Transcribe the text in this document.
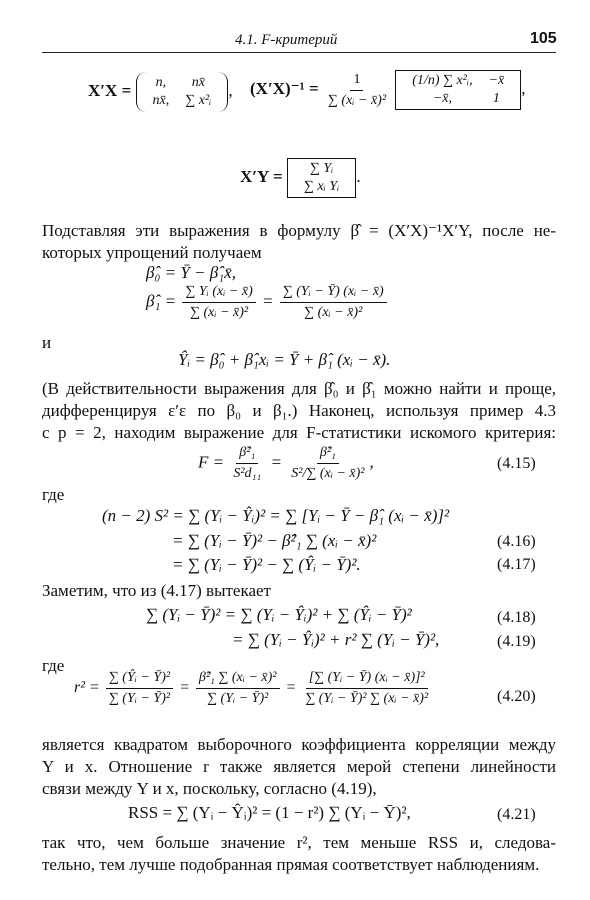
4.1. F-критерий	105
X′X = n,	nx̄
nx̄,	∑ x²ᵢ
, $(X'X)^{-1} = \frac{1}{\text{∑ (xᵢ − x̄)²}}$
(1/n) ∑ x²ᵢ,	−x̄
−x̄,	1
,
X′Y = ∑ Yᵢ
∑ xᵢ Yᵢ
.
Подставляя эти выражения в формулу β̂ = (X′X)⁻¹X′Y, после не-
которых упрощений получаем
β̂₀ = Ȳ − β̂₁x̄,
β̂₁ = $\frac{\text{∑ Yᵢ (xᵢ − x̄)}}{\text{∑ (xᵢ − x̄)²}} = \frac{\text{∑ (Yᵢ − Ȳ) (xᵢ − x̄)}}{\text{∑ (xᵢ − x̄)²}}$
и
Ŷᵢ = β̂₀ + β̂₁xᵢ = Ȳ + β̂₁ (xᵢ − x̄).
(В действительности выражения для β̂₀ и β̂₁ можно найти и проще,
дифференцируя ε′ε по β₀ и β₁.) Наконец, используя пример 4.3
с p = 2, находим выражение для F-статистики искомого критерия:
$F = \frac{\text{β̂²₁}}{\text{S²d₁₁}} = \frac{\text{β̂²₁}}{\text{S²/∑ (xᵢ − x̄)²}}$ ,	(4.15)
где
(n − 2) S² = ∑ (Yᵢ − Ŷᵢ)² = ∑ [Yᵢ − Ȳ − β̂₁ (xᵢ − x̄)]²
= ∑ (Yᵢ − Ȳ)² − β̂²₁ ∑ (xᵢ − x̄)²	(4.16)
= ∑ (Yᵢ − Ȳ)² − ∑ (Ŷᵢ − Ȳ)².	(4.17)
Заметим, что из (4.17) вытекает
∑ (Yᵢ − Ȳ)² = ∑ (Yᵢ − Ŷᵢ)² + ∑ (Ŷᵢ − Ȳ)²	(4.18)
= ∑ (Yᵢ − Ŷᵢ)² + r² ∑ (Yᵢ − Ȳ)²,	(4.19)
где
$r^2 = \frac{\text{∑ (Ŷᵢ − Ȳ)²}}{\text{∑ (Yᵢ − Ȳ)²}} = \frac{\text{β̂²₁ ∑ (xᵢ − x̄)²}}{\text{∑ (Yᵢ − Ȳ)²}} = \frac{\text{[∑ (Yᵢ − Ȳ) (xᵢ − x̄)]²}}{\text{∑ (Yᵢ − Ȳ)² ∑ (xᵢ − x̄)²}}$	(4.20)
является квадратом выборочного коэффициента корреляции между
Y и x. Отношение r также является мерой степени линейности
связи между Y и x, поскольку, согласно (4.19),
RSS = ∑ (Yᵢ − Ŷᵢ)² = (1 − r²) ∑ (Yᵢ − Ȳ)²,	(4.21)
так что, чем больше значение r², тем меньше RSS и, следова-
тельно, тем лучше подобранная прямая соответствует наблюдениям.
